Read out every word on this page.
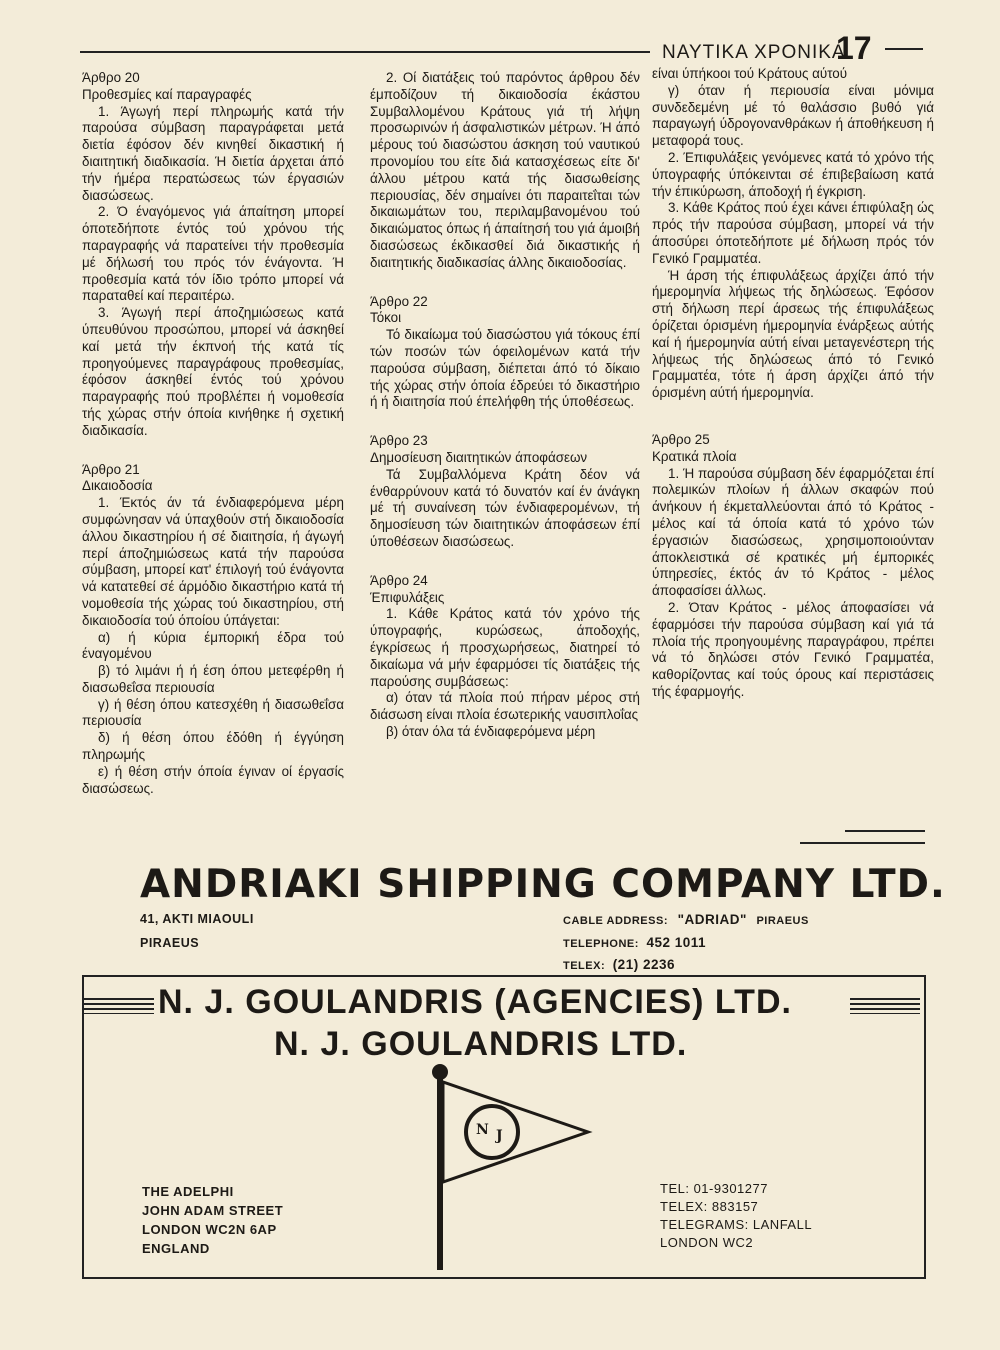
ΝΑΥΤΙΚΑ ΧΡΟΝΙΚΑ
17

Άρθρο 20

Προθεσμίες καί παραγραφές

1. Άγωγή περί πληρωμής κατά τήν παρούσα σύμβαση παραγράφεται μετά διετία έφόσον δέν κινηθεί δικαστική ή διαιτητική διαδικασία. Ή διετία άρχεται άπό τήν ήμέρα περατώσεως τών έργασιών διασώσεως.

2. Ό έναγόμενος γιά άπαίτηση μπορεί όποτεδήποτε έντός τού χρόνου τής παραγραφής νά παρατείνει τήν προθεσμία μέ δήλωσή του πρός τόν ένάγοντα. Ή προθεσμία κατά τόν ίδιο τρόπο μπορεί νά παραταθεί καί περαιτέρω.

3. Άγωγή περί άποζημιώσεως κατά ύπευθύνου προσώπου, μπορεί νά άσκηθεί καί μετά τήν έκπνοή τής κατά τίς προηγούμενες παραγράφους προθεσμίας, έφόσον άσκηθεί έντός τού χρόνου παραγραφής πού προβλέπει ή νομοθεσία τής χώρας στήν όποία κινήθηκε ή σχετική διαδικασία.

Άρθρο 21

Δικαιοδοσία

1. Έκτός άν τά ένδιαφερόμενα μέρη συμφώνησαν νά ύπαχθούν στή δικαιοδοσία άλλου δικαστηρίου ή σέ διαιτησία, ή άγωγή περί άποζημιώσεως κατά τήν παρούσα σύμβαση, μπορεί κατ' έπιλογή τού ένάγοντα νά κατατεθεί σέ άρμόδιο δικαστήριο κατά τή νομοθεσία τής χώρας τού δικαστηρίου, στή δικαιοδοσία τού όποίου ύπάγεται:

α) ή κύρια έμπορική έδρα τού έναγομένου

β) τό λιμάνι ή ή έση όπου μετεφέρθη ή διασωθεΐσα περιουσία

γ) ή θέση όπου κατεσχέθη ή διασωθεΐσα περιουσία

δ) ή θέση όπου έδόθη ή έγγύηση πληρωμής

ε) ή θέση στήν όποία έγιναν οί έργασίς διασώσεως.

2. Οί διατάξεις τού παρόντος άρθρου δέν έμποδίζουν τή δικαιοδοσία έκάστου Συμβαλλομένου Κράτους γιά τή λήψη προσωρινών ή άσφαλιστικών μέτρων. Ή άπό μέρους τού διασώστου άσκηση τού ναυτικού προνομίου του είτε διά κατασχέσεως είτε δι' άλλου μέτρου κατά τής διασωθείσης περιουσίας, δέν σημαίνει ότι παραιτεΐται τών δικαιωμάτων του, περιλαμβανομένου τού δικαιώματος όπως ή άπαίτησή του γιά άμοιβή διασώσεως έκδικασθεί διά δικαστικής ή διαιτητικής διαδικασίας άλλης δικαιοδοσίας.

Άρθρο 22

Τόκοι

Τό δικαίωμα τού διασώστου γιά τόκους έπί τών ποσών τών όφειλομένων κατά τήν παρούσα σύμβαση, διέπεται άπό τό δίκαιο τής χώρας στήν όποία έδρεύει τό δικαστήριο ή ή διαιτησία πού έπελήφθη τής ύποθέσεως.

Άρθρο 23

Δημοσίευση διαιτητικών άποφάσεων

Τά Συμβαλλόμενα Κράτη δέον νά ένθαρρύνουν κατά τό δυνατόν καί έν άνάγκη μέ τή συναίνεση τών ένδιαφερομένων, τή δημοσίευση τών διαιτητικών άποφάσεων έπί ύποθέσεων διασώσεως.

Άρθρο 24

Έπιφυλάξεις

1. Κάθε Κράτος κατά τόν χρόνο τής ύπογραφής, κυρώσεως, άποδοχής, έγκρίσεως ή προσχωρήσεως, διατηρεί τό δικαίωμα νά μήν έφαρμόσει τίς διατάξεις τής παρούσης συμβάσεως:

α) όταν τά πλοία πού πήραν μέρος στή διάσωση είναι πλοία έσωτερικής ναυσιπλοΐας

β) όταν όλα τά ένδιαφερόμενα μέρη

είναι ύπήκοοι τού Κράτους αύτού

γ) όταν ή περιουσία είναι μόνιμα συνδεδεμένη μέ τό θαλάσσιο βυθό γιά παραγωγή ύδρογονανθράκων ή άποθήκευση ή μεταφορά τους.

2. Έπιφυλάξεις γενόμενες κατά τό χρόνο τής ύπογραφής ύπόκεινται σέ έπιβεβαίωση κατά τήν έπικύρωση, άποδοχή ή έγκριση.

3. Κάθε Κράτος πού έχει κάνει έπιφύλαξη ώς πρός τήν παρούσα σύμβαση, μπορεί νά τήν άποσύρει όποτεδήποτε μέ δήλωση πρός τόν Γενικό Γραμματέα.

Ή άρση τής έπιφυλάξεως άρχίζει άπό τήν ήμερομηνία λήψεως τής δηλώσεως. Έφόσον στή δήλωση περί άρσεως τής έπιφυλάξεως όρίζεται όρισμένη ήμερομηνία ένάρξεως αύτής καί ή ήμερομηνία αύτή είναι μεταγενέστερη τής λήψεως τής δηλώσεως άπό τό Γενικό Γραμματέα, τότε ή άρση άρχίζει άπό τήν όρισμένη αύτή ήμερομηνία.

Άρθρο 25

Κρατικά πλοία

1. Ή παρούσα σύμβαση δέν έφαρμόζεται έπί πολεμικών πλοίων ή άλλων σκαφών πού άνήκουν ή έκμεταλλεύονται άπό τό Κράτος - μέλος καί τά όποία κατά τό χρόνο τών έργασιών διασώσεως, χρησιμοποιούνταν άποκλειστικά σέ κρατικές μή έμπορικές ύπηρεσίες, έκτός άν τό Κράτος - μέλος άποφασίσει άλλως.

2. Όταν Κράτος - μέλος άποφασίσει νά έφαρμόσει τήν παρούσα σύμβαση καί γιά τά πλοία τής προηγουμένης παραγράφου, πρέπει νά τό δηλώσει στόν Γενικό Γραμματέα, καθορίζοντας καί τούς όρους καί περιστάσεις τής έφαρμογής.

ANDRIAKI SHIPPING COMPANY LTD.
41, AKTI MIAOULI
PIRAEUS
CABLE ADDRESS: "ADRIAD" PIRAEUS
TELEPHONE: 452 1011
TELEX: (21) 2236
N. J. GOULANDRIS (AGENCIES) LTD.
N. J. GOULANDRIS LTD.
N J
THE ADELPHI
JOHN ADAM STREET
LONDON WC2N 6AP
ENGLAND
TEL: 01-9301277
TELEX: 883157
TELEGRAMS: LANFALL
LONDON WC2
